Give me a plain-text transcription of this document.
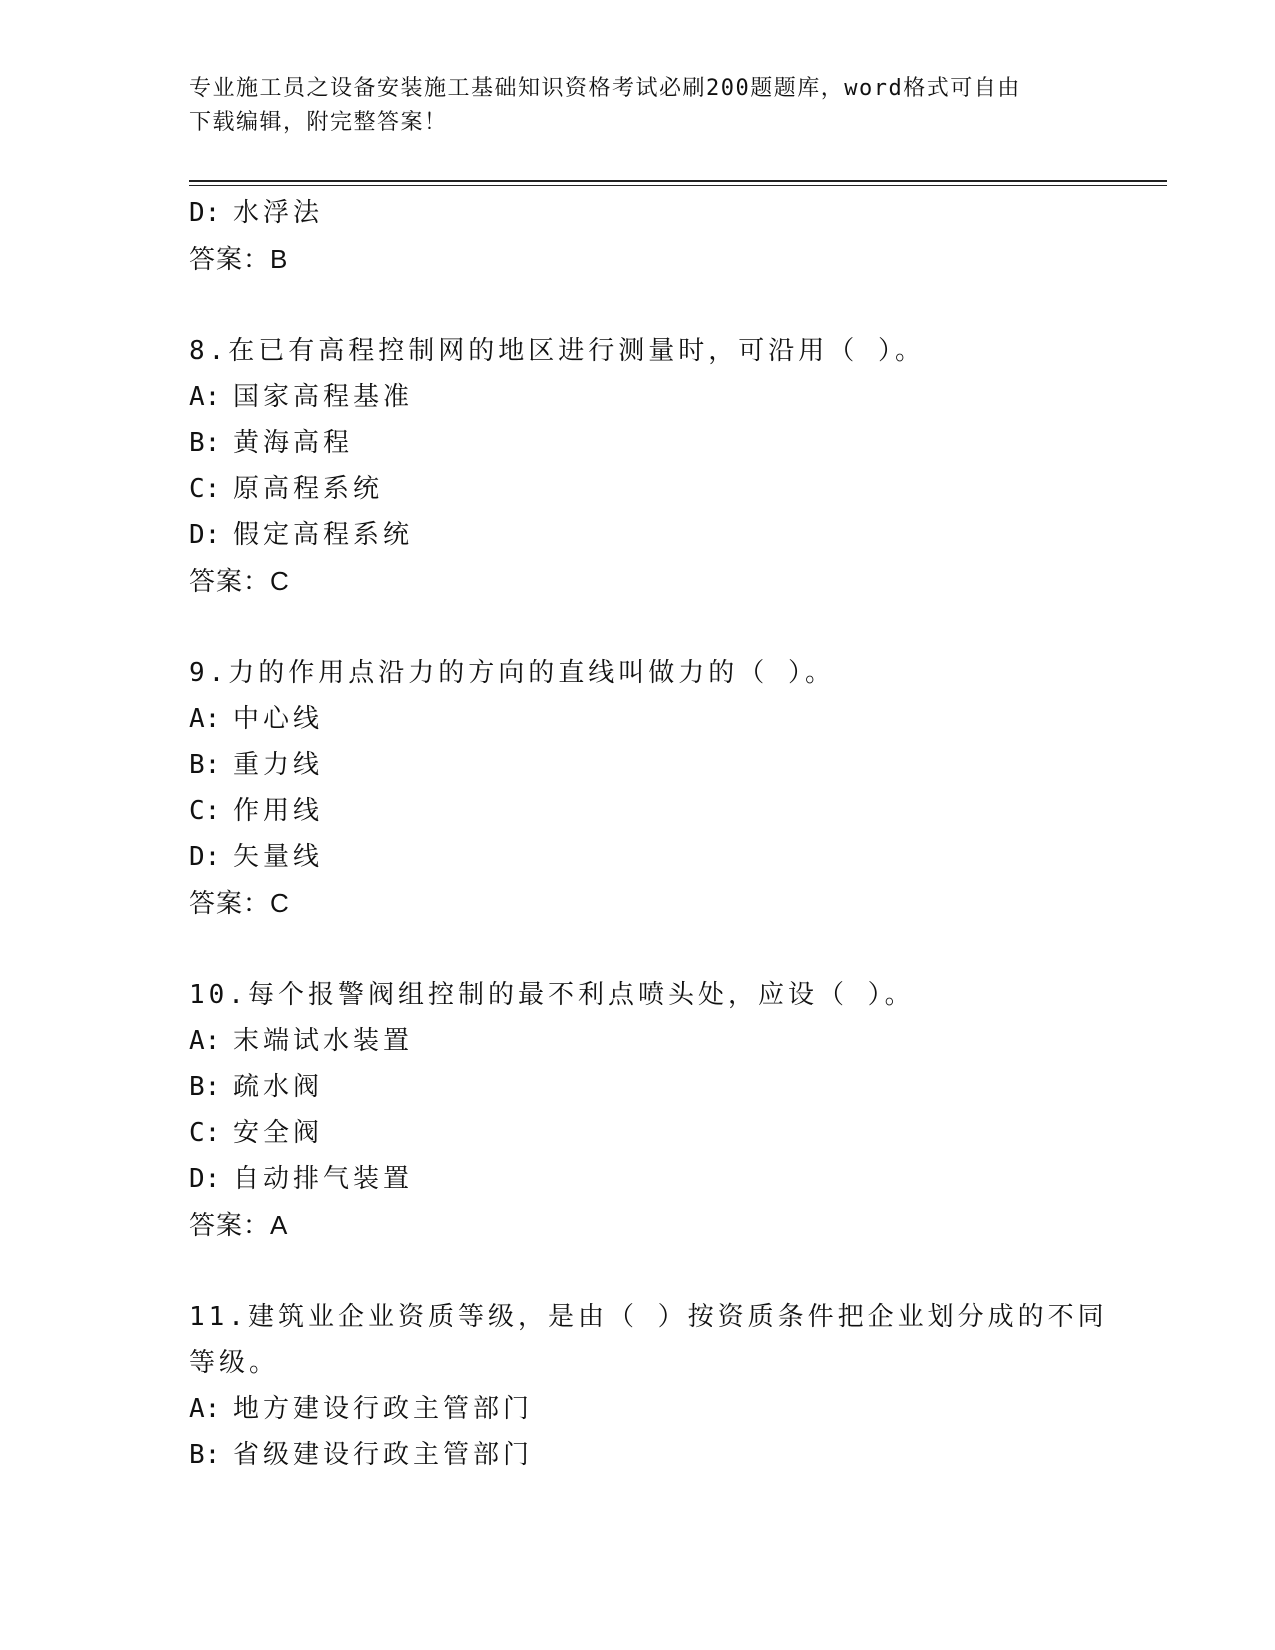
专业施工员之设备安装施工基础知识资格考试必刷200题题库，word格式可自由
下载编辑，附完整答案！
D: 水浮法
答案：B
8.在已有高程控制网的地区进行测量时，可沿用（ ）。
A: 国家高程基准
B: 黄海高程
C: 原高程系统
D: 假定高程系统
答案：C
9.力的作用点沿力的方向的直线叫做力的（ ）。
A: 中心线
B: 重力线
C: 作用线
D: 矢量线
答案：C
10.每个报警阀组控制的最不利点喷头处，应设（ ）。
A: 末端试水装置
B: 疏水阀
C: 安全阀
D: 自动排气装置
答案：A
11.建筑业企业资质等级，是由（ ）按资质条件把企业划分成的不同
等级。
A: 地方建设行政主管部门
B: 省级建设行政主管部门
